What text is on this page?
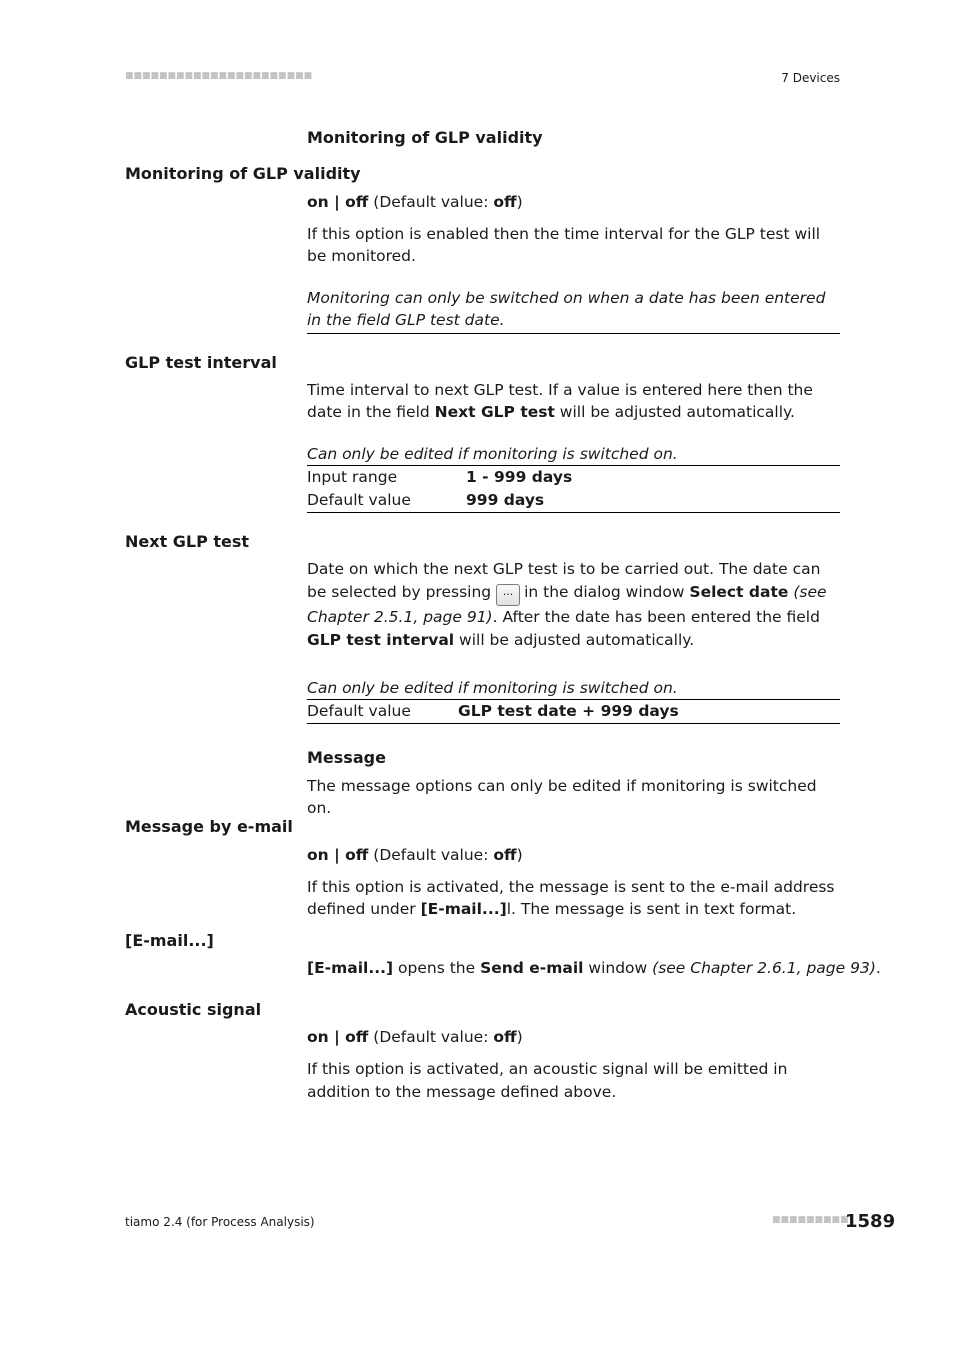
■■■■■■■■■■■■■■■■■■■■■■	7 Devices
Monitoring of GLP validity
Monitoring of GLP validity
on | off (Default value: off)
If this option is enabled then the time interval for the GLP test will be monitored.
Monitoring can only be switched on when a date has been entered in the field GLP test date.
GLP test interval
Time interval to next GLP test. If a value is entered here then the date in the field Next GLP test will be adjusted automatically.
Can only be edited if monitoring is switched on.
Input range	1 - 999 days
Default value	999 days
Next GLP test
Date on which the next GLP test is to be carried out. The date can be selected by pressing ... in the dialog window Select date (see Chapter 2.5.1, page 91). After the date has been entered the field GLP test interval will be adjusted automatically.
Can only be edited if monitoring is switched on.
Default value	GLP test date + 999 days
Message
The message options can only be edited if monitoring is switched on.
Message by e-mail
on | off (Default value: off)
If this option is activated, the message is sent to the e-mail address defined under [E-mail...]l. The message is sent in text format.
[E-mail...]
[E-mail...] opens the Send e-mail window (see Chapter 2.6.1, page 93).
Acoustic signal
on | off (Default value: off)
If this option is activated, an acoustic signal will be emitted in addition to the message defined above.
tiamo 2.4 (for Process Analysis)	■■■■■■■■■
1589
